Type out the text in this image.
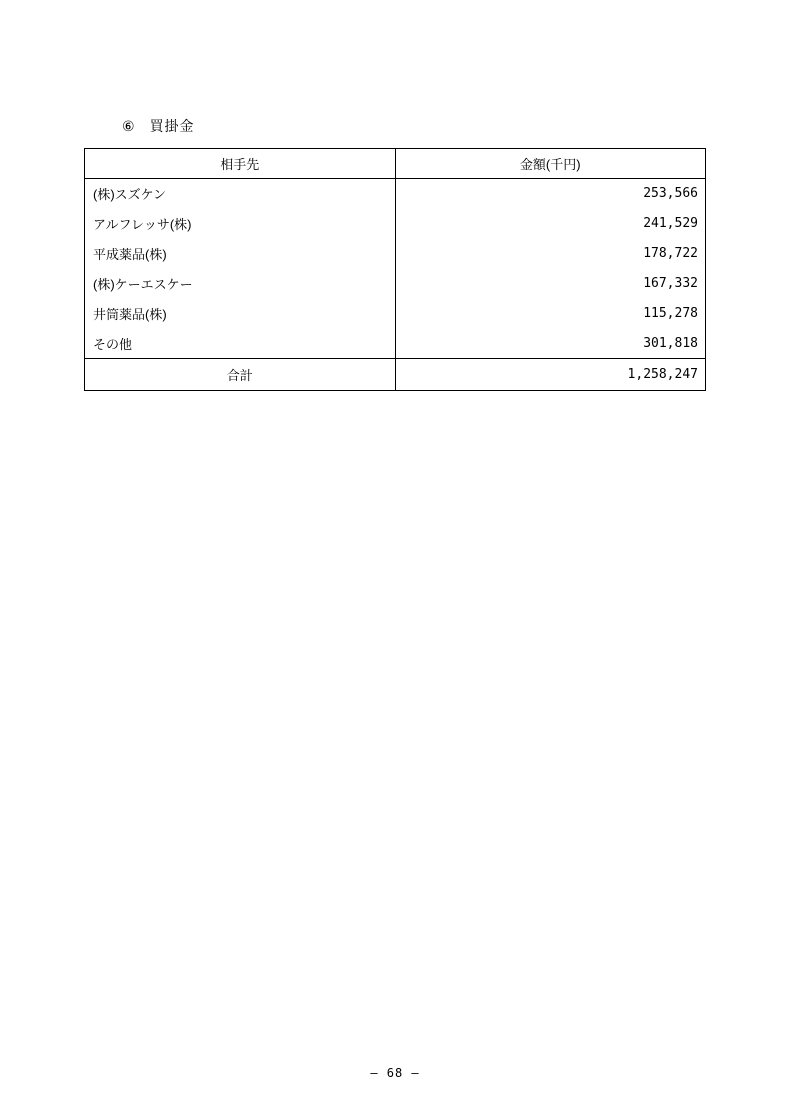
⑥ 買掛金
相手先	金額(千円)
(株)スズケン	253,566
アルフレッサ(株)	241,529
平成薬品(株)	178,722
(株)ケーエスケー	167,332
井筒薬品(株)	115,278
その他	301,818
合計	1,258,247
— 68 —
